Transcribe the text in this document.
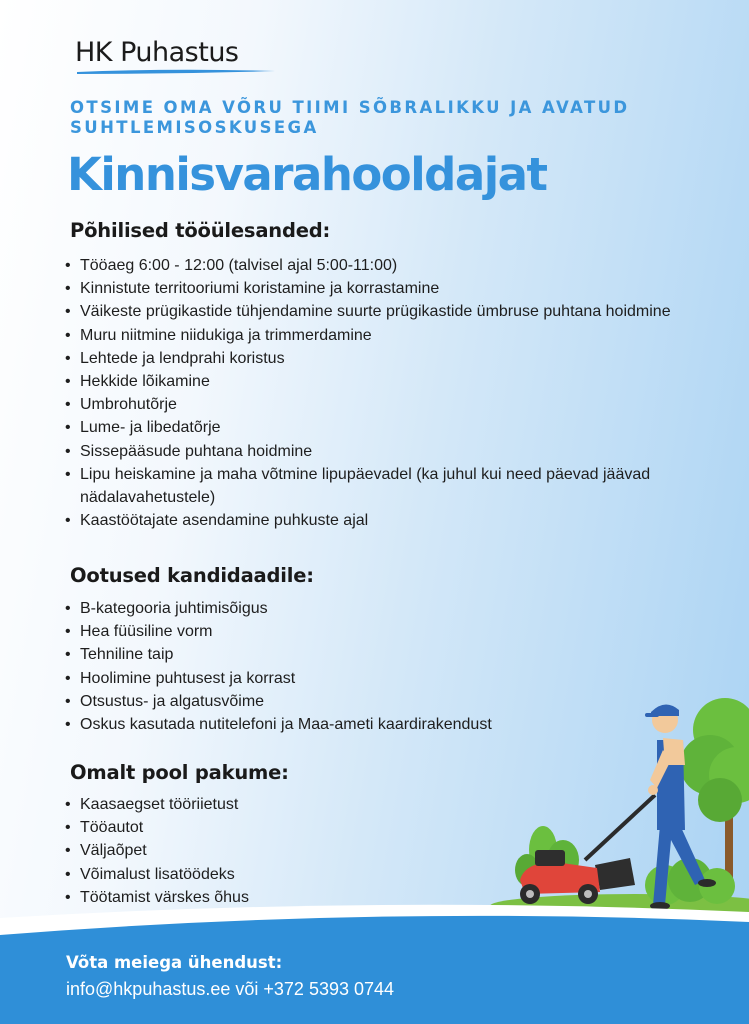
HK Puhastus
OTSIME OMA VÕRU TIIMI SÕBRALIKKU JA AVATUD SUHTLEMISOSKUSEGA
Kinnisvarahooldajat
Põhilised tööülesanded:
• Tööaeg 6:00 - 12:00 (talvisel ajal 5:00-11:00)
• Kinnistute territooriumi koristamine ja korrastamine
• Väikeste prügikastide tühjendamine suurte prügikastide ümbruse puhtana hoidmine
• Muru niitmine niidukiga ja trimmerdamine
• Lehtede ja lendprahi koristus
• Hekkide lõikamine
• Umbrohutõrje
• Lume- ja libedatõrje
• Sissepääsude puhtana hoidmine
• Lipu heiskamine ja maha võtmine lipupäevadel (ka juhul kui need päevad jäävad nädalavahetustele)
• Kaastöötajate asendamine puhkuste ajal
Ootused kandidaadile:
• B-kategooria juhtimisõigus
• Hea füüsiline vorm
• Tehniline taip
• Hoolimine puhtusest ja korrast
• Otsustus- ja algatusvõime
• Oskus kasutada nutitelefoni ja Maa-ameti kaardirakendust
Omalt pool pakume:
• Kaasaegset tööriietust
• Tööautot
• Väljaõpet
• Võimalust lisatöödeks
• Töötamist värskes õhus
Võta meiega ühendust:
info@hkpuhastus.ee või +372 5393 0744
